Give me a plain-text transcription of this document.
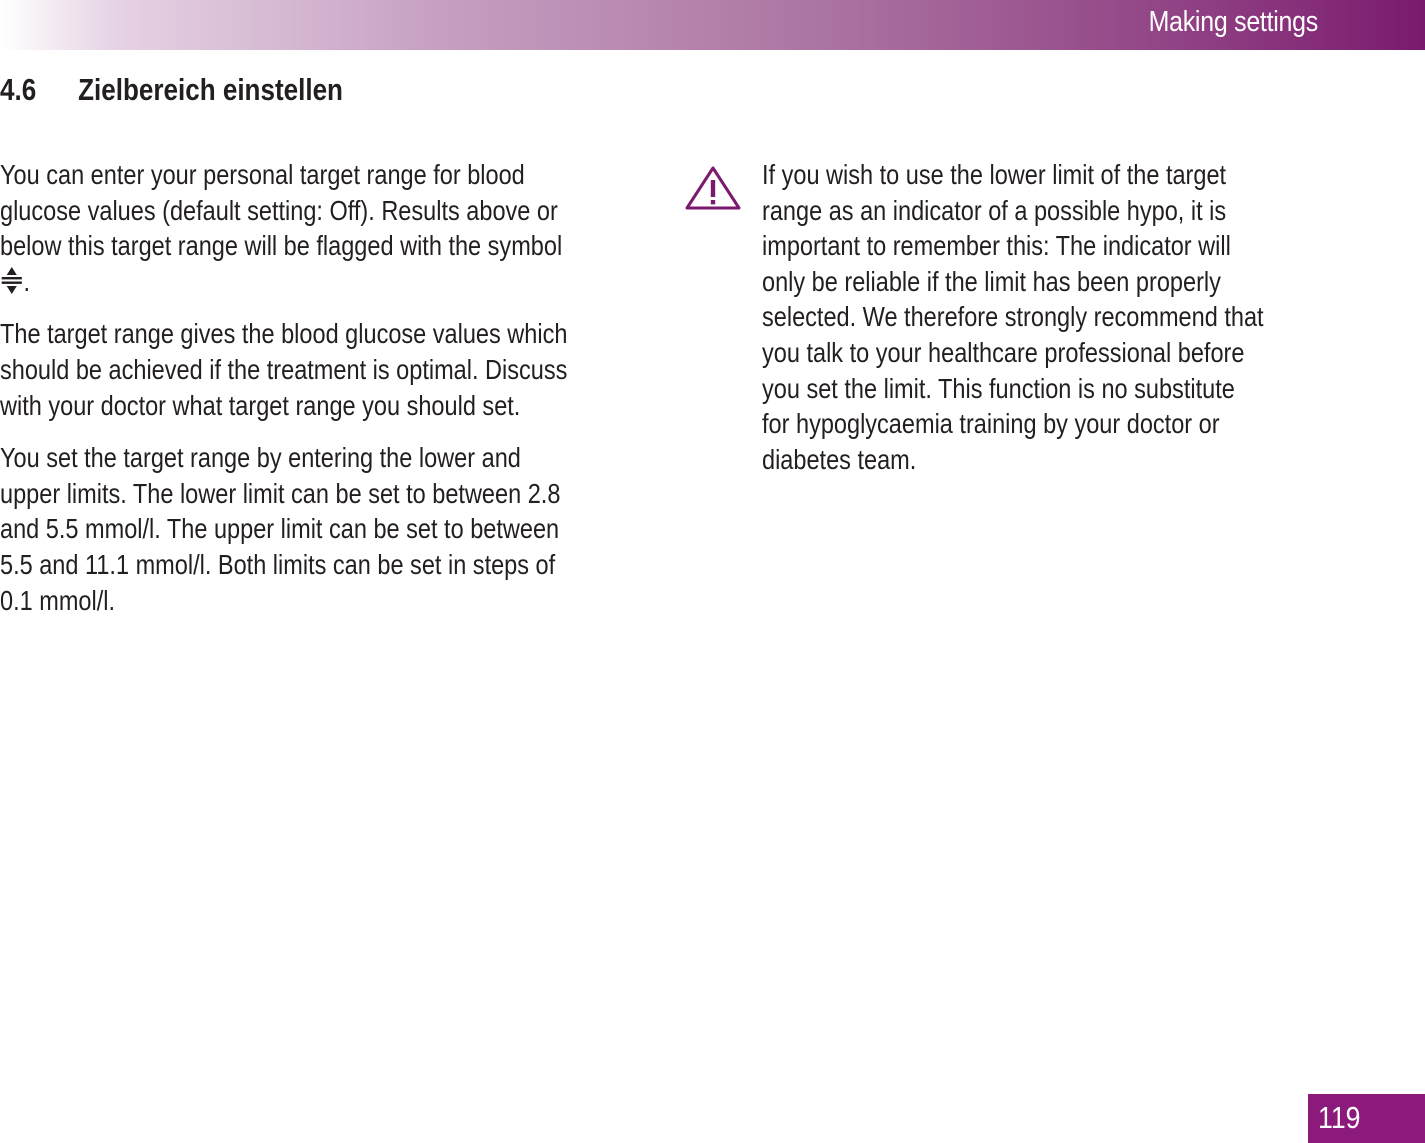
Making settings
4.6 Zielbereich einstellen

You can enter your personal target range for blood
glucose values (default setting: Off). Results above or
below this target range will be flagged with the symbol
.

The target range gives the blood glucose values which
should be achieved if the treatment is optimal. Discuss
with your doctor what target range you should set.

You set the target range by entering the lower and
upper limits. The lower limit can be set to between 2.8
and 5.5 mmol/l. The upper limit can be set to between
5.5 and 11.1 mmol/l. Both limits can be set in steps of
0.1 mmol/l.

If you wish to use the lower limit of the target
range as an indicator of a possible hypo, it is
important to remember this: The indicator will
only be reliable if the limit has been properly
selected. We therefore strongly recommend that
you talk to your healthcare professional before
you set the limit. This function is no substitute
for hypoglycaemia training by your doctor or
diabetes team.

119
